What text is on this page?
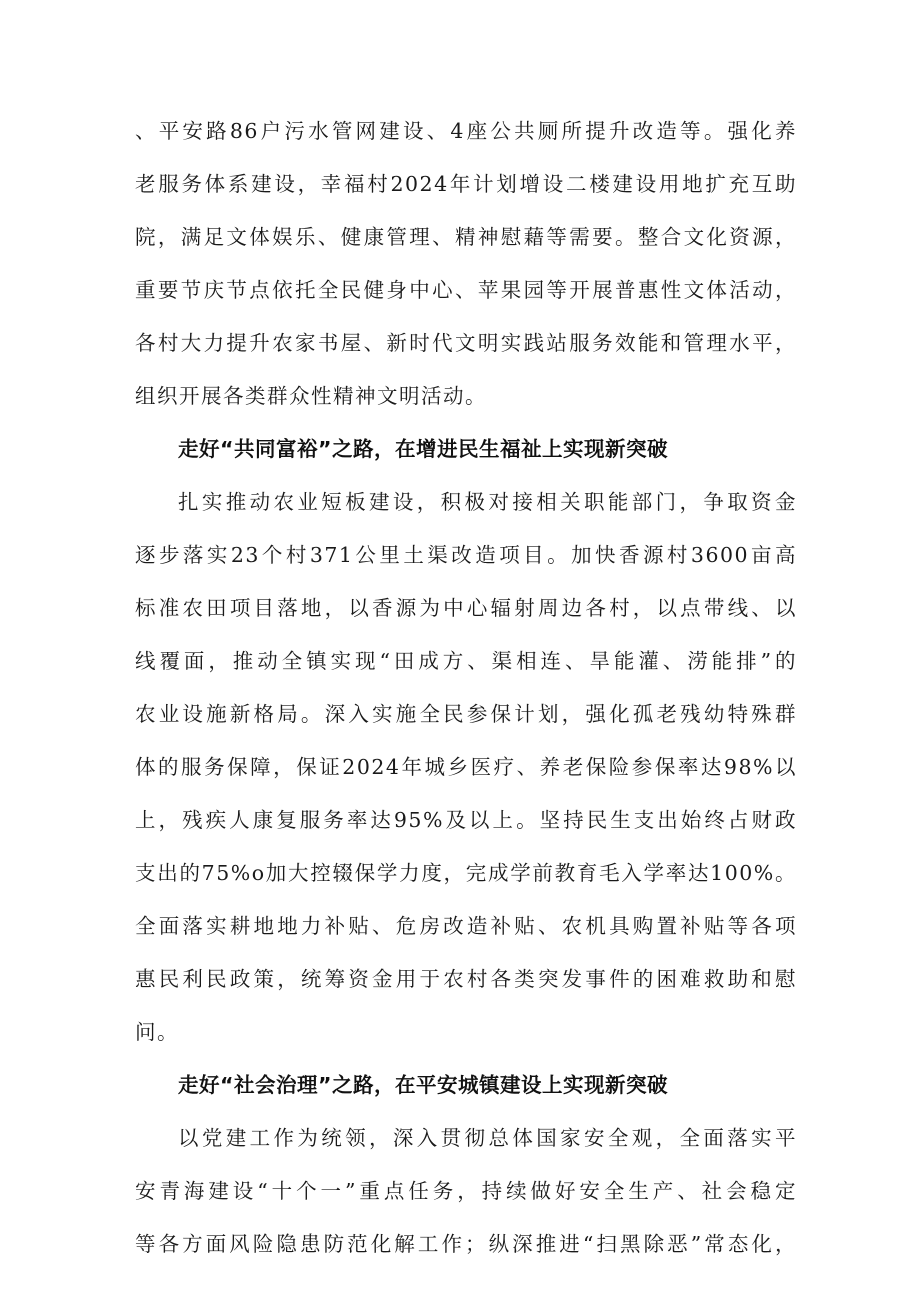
、平安路86户污水管网建设、4座公共厕所提升改造等。强化养
老服务体系建设，幸福村2024年计划增设二楼建设用地扩充互助
院，满足文体娱乐、健康管理、精神慰藉等需要。整合文化资源，
重要节庆节点依托全民健身中心、苹果园等开展普惠性文体活动，
各村大力提升农家书屋、新时代文明实践站服务效能和管理水平，
组织开展各类群众性精神文明活动。
走好“共同富裕”之路，在增进民生福祉上实现新突破
扎实推动农业短板建设，积极对接相关职能部门，争取资金
逐步落实23个村371公里土渠改造项目。加快香源村3600亩高
标准农田项目落地，以香源为中心辐射周边各村，以点带线、以
线覆面，推动全镇实现“田成方、渠相连、旱能灌、涝能排”的
农业设施新格局。深入实施全民参保计划，强化孤老残幼特殊群
体的服务保障，保证2024年城乡医疗、养老保险参保率达98%以
上，残疾人康复服务率达95%及以上。坚持民生支出始终占财政
支出的75%o加大控辍保学力度，完成学前教育毛入学率达100%。
全面落实耕地地力补贴、危房改造补贴、农机具购置补贴等各项
惠民利民政策，统筹资金用于农村各类突发事件的困难救助和慰
问。
走好“社会治理”之路，在平安城镇建设上实现新突破
以党建工作为统领，深入贯彻总体国家安全观，全面落实平
安青海建设“十个一”重点任务，持续做好安全生产、社会稳定
等各方面风险隐患防范化解工作；纵深推进“扫黑除恶”常态化，
